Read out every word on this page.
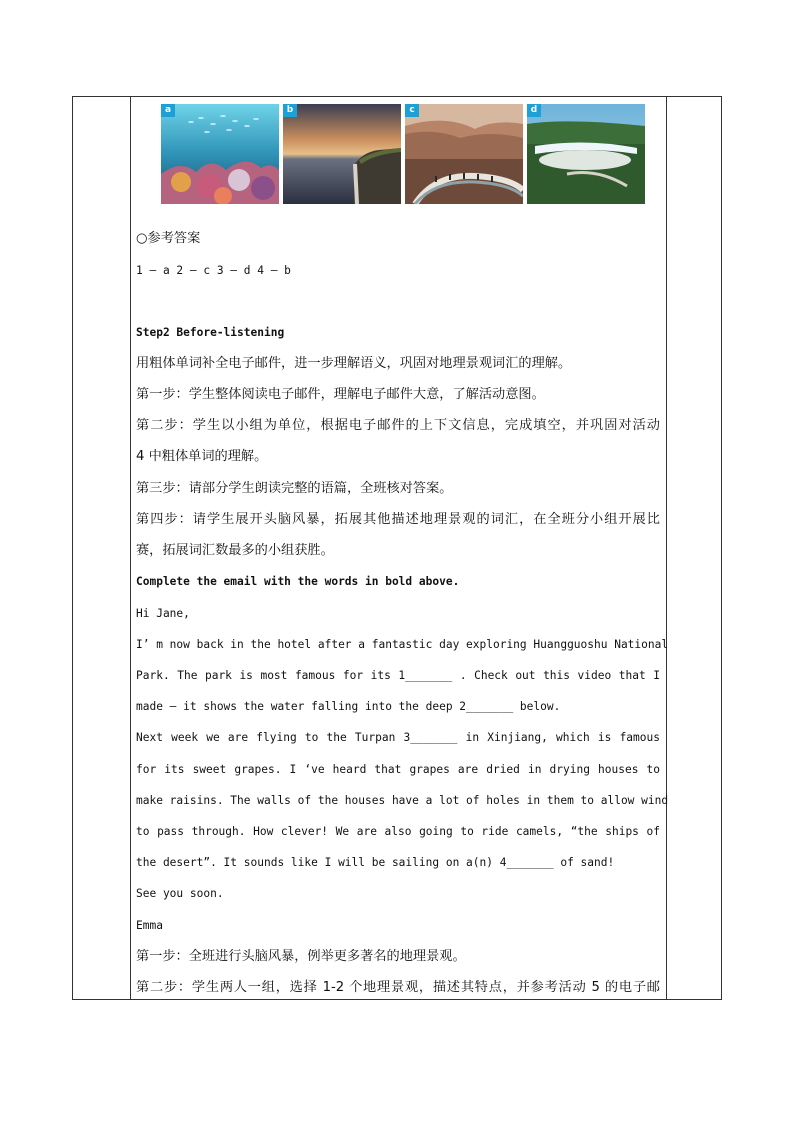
a	b	c	d
○参考答案
1 – a 2 – c 3 – d 4 – b
Step2 Before-listening
用粗体单词补全电子邮件，进一步理解语义，巩固对地理景观词汇的理解。
第一步：学生整体阅读电子邮件，理解电子邮件大意，了解活动意图。
第二步：学生以小组为单位，根据电子邮件的上下文信息，完成填空，并巩固对活动
4 中粗体单词的理解。
第三步：请部分学生朗读完整的语篇，全班核对答案。
第四步：请学生展开头脑风暴，拓展其他描述地理景观的词汇，在全班分小组开展比
赛，拓展词汇数最多的小组获胜。
Complete the email with the words in bold above.
Hi Jane,
I’ m now back in the hotel after a fantastic day exploring Huangguoshu National
Park. The park is most famous for its 1_______ . Check out this video that I
made – it shows the water falling into the deep 2_______ below.
Next week we are flying to the Turpan 3_______ in Xinjiang, which is famous
for its sweet grapes. I ‘ve heard that grapes are dried in drying houses to
make raisins. The walls of the houses have a lot of holes in them to allow wind
to pass through. How clever! We are also going to ride camels, “the ships of
the desert”. It sounds like I will be sailing on a(n) 4_______ of sand!
See you soon.
Emma
第一步：全班进行头脑风暴，例举更多著名的地理景观。
第二步：学生两人一组，选择 1-2 个地理景观，描述其特点，并参考活动 5 的电子邮
